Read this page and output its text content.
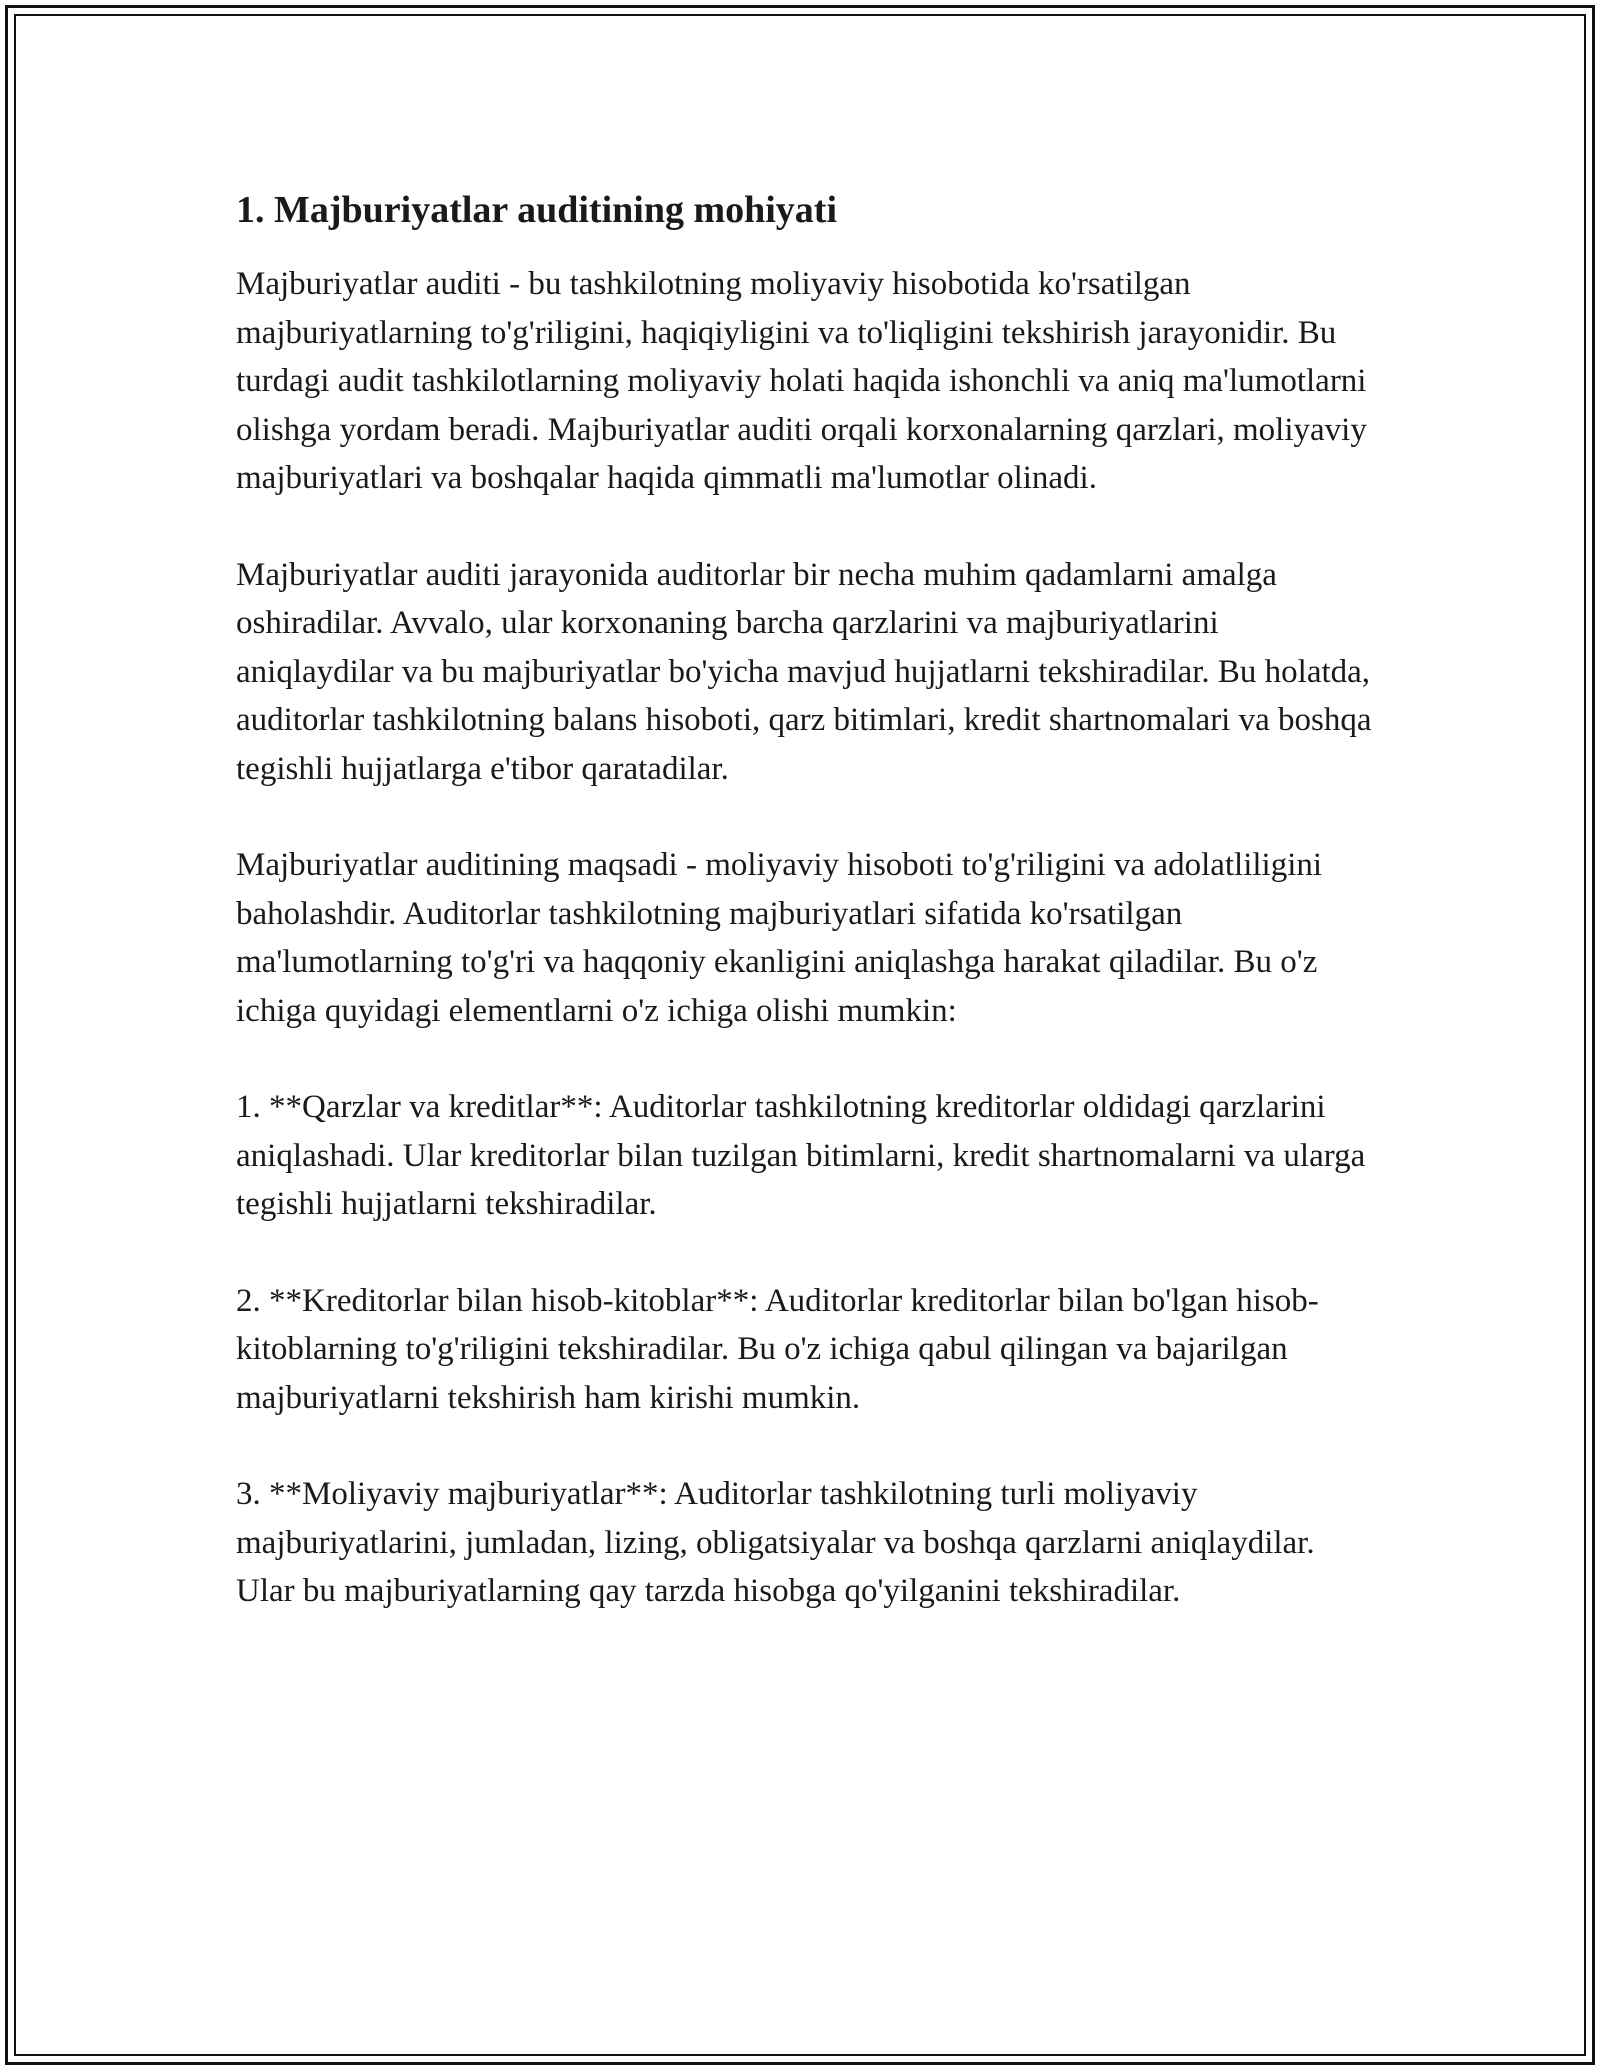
1. Majburiyatlar auditining mohiyati

Majburiyatlar auditi - bu tashkilotning moliyaviy hisobotida ko'rsatilgan majburiyatlarning to'g'riligini, haqiqiyligini va to'liqligini tekshirish jarayonidir. Bu turdagi audit tashkilotlarning moliyaviy holati haqida ishonchli va aniq ma'lumotlarni olishga yordam beradi. Majburiyatlar auditi orqali korxonalarning qarzlari, moliyaviy majburiyatlari va boshqalar haqida qimmatli ma'lumotlar olinadi.

Majburiyatlar auditi jarayonida auditorlar bir necha muhim qadamlarni amalga oshiradilar. Avvalo, ular korxonaning barcha qarzlarini va majburiyatlarini aniqlaydilar va bu majburiyatlar bo'yicha mavjud hujjatlarni tekshiradilar. Bu holatda, auditorlar tashkilotning balans hisoboti, qarz bitimlari, kredit shartnomalari va boshqa tegishli hujjatlarga e'tibor qaratadilar.

Majburiyatlar auditining maqsadi - moliyaviy hisoboti to'g'riligini va adolatliligini baholashdir. Auditorlar tashkilotning majburiyatlari sifatida ko'rsatilgan ma'lumotlarning to'g'ri va haqqoniy ekanligini aniqlashga harakat qiladilar. Bu o'z ichiga quyidagi elementlarni o'z ichiga olishi mumkin:

1. **Qarzlar va kreditlar**: Auditorlar tashkilotning kreditorlar oldidagi qarzlarini aniqlashadi. Ular kreditorlar bilan tuzilgan bitimlarni, kredit shartnomalarni va ularga tegishli hujjatlarni tekshiradilar.

2. **Kreditorlar bilan hisob-kitoblar**: Auditorlar kreditorlar bilan bo'lgan hisob-kitoblarning to'g'riligini tekshiradilar. Bu o'z ichiga qabul qilingan va bajarilgan majburiyatlarni tekshirish ham kirishi mumkin.

3. **Moliyaviy majburiyatlar**: Auditorlar tashkilotning turli moliyaviy majburiyatlarini, jumladan, lizing, obligatsiyalar va boshqa qarzlarni aniqlaydilar. Ular bu majburiyatlarning qay tarzda hisobga qo'yilganini tekshiradilar.
